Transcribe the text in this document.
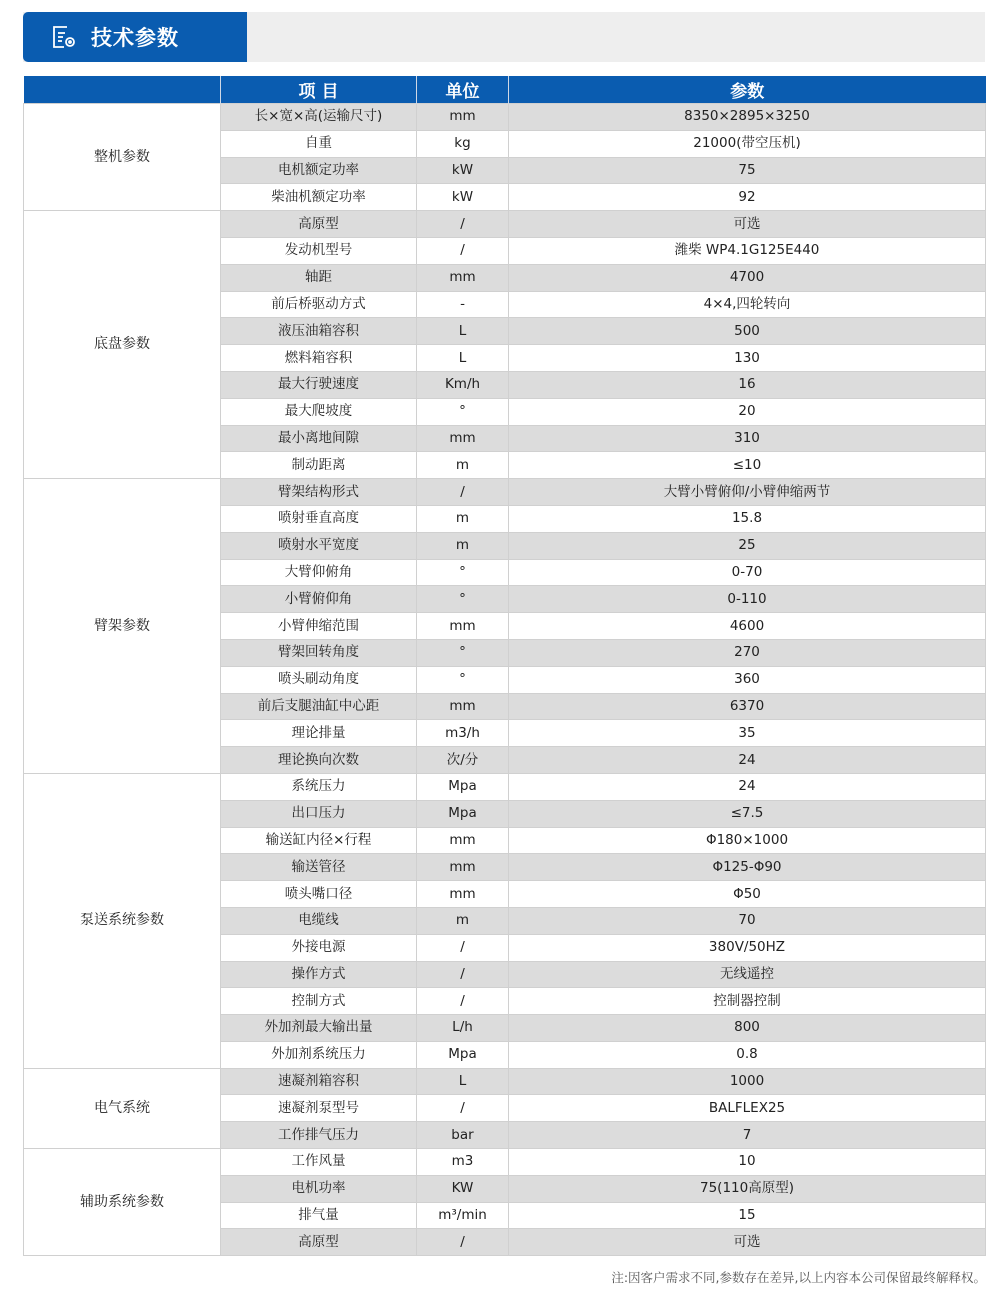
技术参数
	项 目	单位	参数
整机参数	长×宽×高(运输尺寸)	mm	8350×2895×3250
	自重	kg	21000(带空压机)
	电机额定功率	kW	75
	柴油机额定功率	kW	92
底盘参数	高原型	/	可选
	发动机型号	/	潍柴 WP4.1G125E440
	轴距	mm	4700
	前后桥驱动方式	-	4×4,四轮转向
	液压油箱容积	L	500
	燃料箱容积	L	130
	最大行驶速度	Km/h	16
	最大爬坡度	°	20
	最小离地间隙	mm	310
	制动距离	m	≤10
臂架参数	臂架结构形式	/	大臂小臂俯仰/小臂伸缩两节
	喷射垂直高度	m	15.8
	喷射水平宽度	m	25
	大臂仰俯角	°	0-70
	小臂俯仰角	°	0-110
	小臂伸缩范围	mm	4600
	臂架回转角度	°	270
	喷头刷动角度	°	360
	前后支腿油缸中心距	mm	6370
	理论排量	m3/h	35
	理论换向次数	次/分	24
泵送系统参数	系统压力	Mpa	24
	出口压力	Mpa	≤7.5
	输送缸内径×行程	mm	Φ180×1000
	输送管径	mm	Φ125-Φ90
	喷头嘴口径	mm	Φ50
	电缆线	m	70
	外接电源	/	380V/50HZ
	操作方式	/	无线遥控
	控制方式	/	控制器控制
	外加剂最大输出量	L/h	800
	外加剂系统压力	Mpa	0.8
电气系统	速凝剂箱容积	L	1000
	速凝剂泵型号	/	BALFLEX25
	工作排气压力	bar	7
辅助系统参数	工作风量	m3	10
	电机功率	KW	75(110高原型)
	排气量	m³/min	15
	高原型	/	可选
注:因客户需求不同,参数存在差异,以上内容本公司保留最终解释权。
